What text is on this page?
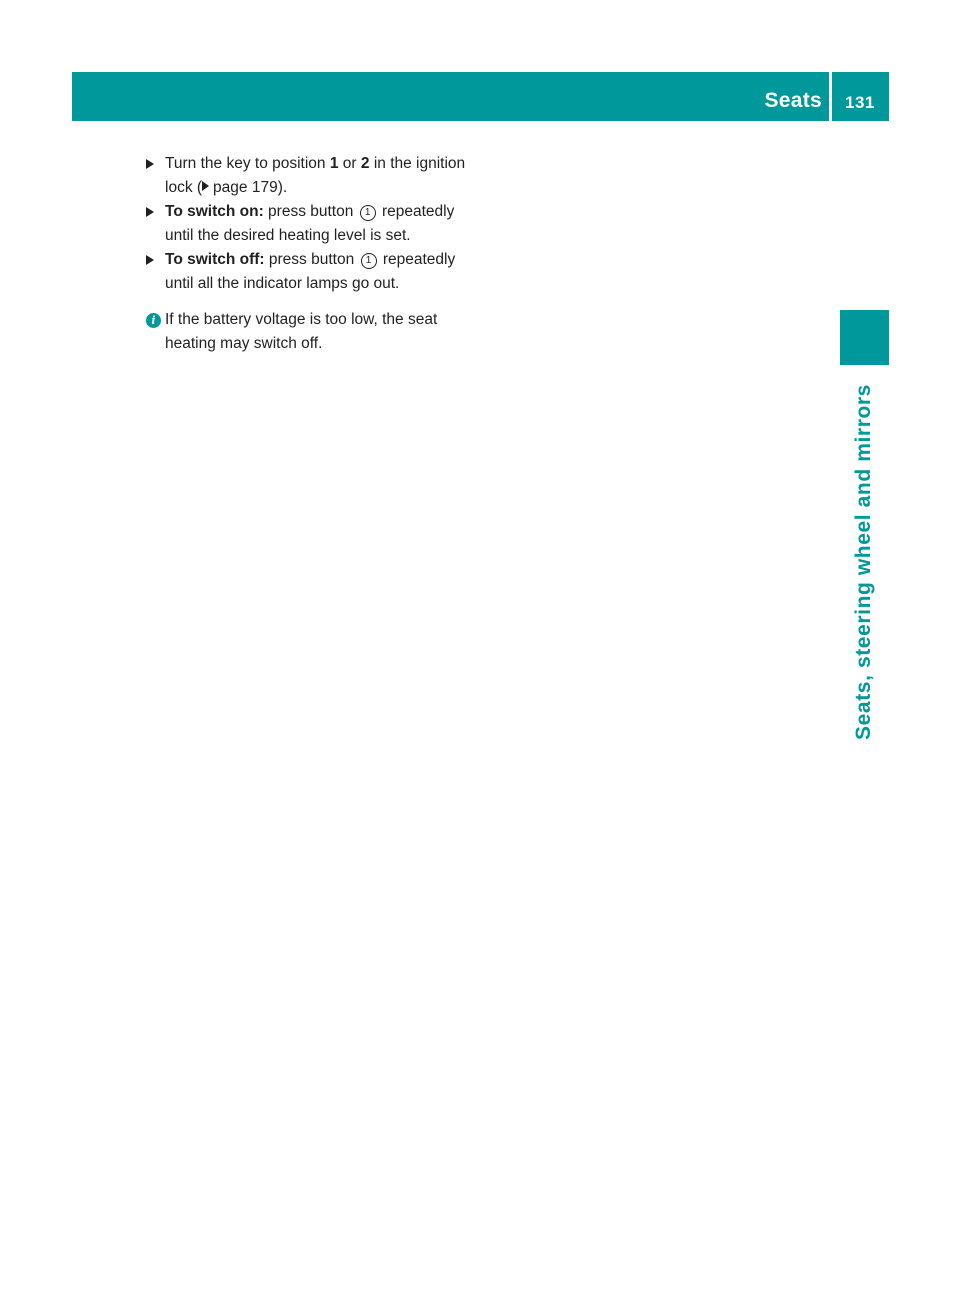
Seats 131
Seats, steering wheel and mirrors
Turn the key to position 1 or 2 in the ignition lock ( page 179).
To switch on: press button 1 repeatedly until the desired heating level is set.
To switch off: press button 1 repeatedly until all the indicator lamps go out.
i If the battery voltage is too low, the seat heating may switch off.
